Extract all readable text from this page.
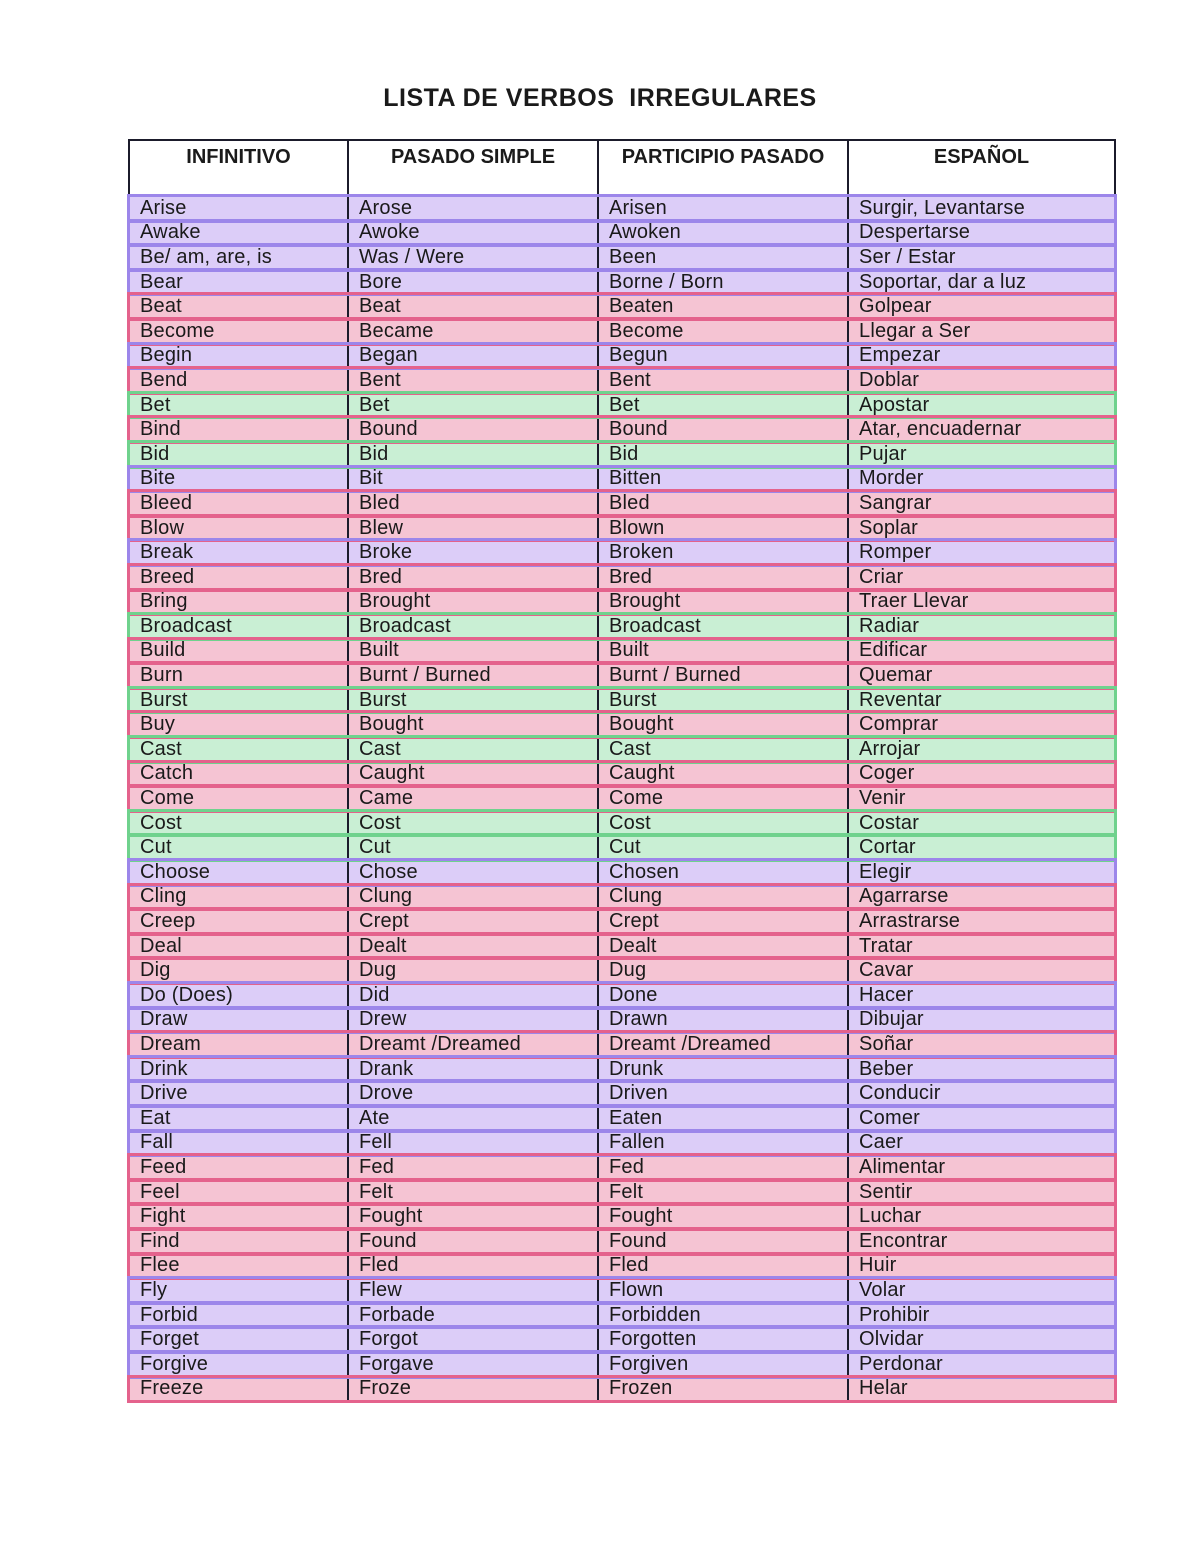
LISTA DE VERBOS  IRREGULARES
INFINITIVO	PASADO SIMPLE	PARTICIPIO PASADO	ESPAÑOL
Arise	Arose	Arisen	Surgir, Levantarse
Awake	Awoke	Awoken	Despertarse
Be/ am, are, is	Was / Were	Been	Ser / Estar
Bear	Bore	Borne / Born	Soportar, dar a luz
Beat	Beat	Beaten	Golpear
Become	Became	Become	Llegar a Ser
Begin	Began	Begun	Empezar
Bend	Bent	Bent	Doblar
Bet	Bet	Bet	Apostar
Bind	Bound	Bound	Atar, encuadernar
Bid	Bid	Bid	Pujar
Bite	Bit	Bitten	Morder
Bleed	Bled	Bled	Sangrar
Blow	Blew	Blown	Soplar
Break	Broke	Broken	Romper
Breed	Bred	Bred	Criar
Bring	Brought	Brought	Traer Llevar
Broadcast	Broadcast	Broadcast	Radiar
Build	Built	Built	Edificar
Burn	Burnt / Burned	Burnt / Burned	Quemar
Burst	Burst	Burst	Reventar
Buy	Bought	Bought	Comprar
Cast	Cast	Cast	Arrojar
Catch	Caught	Caught	Coger
Come	Came	Come	Venir
Cost	Cost	Cost	Costar
Cut	Cut	Cut	Cortar
Choose	Chose	Chosen	Elegir
Cling	Clung	Clung	Agarrarse
Creep	Crept	Crept	Arrastrarse
Deal	Dealt	Dealt	Tratar
Dig	Dug	Dug	Cavar
Do (Does)	Did	Done	Hacer
Draw	Drew	Drawn	Dibujar
Dream	Dreamt /Dreamed	Dreamt /Dreamed	Soñar
Drink	Drank	Drunk	Beber
Drive	Drove	Driven	Conducir
Eat	Ate	Eaten	Comer
Fall	Fell	Fallen	Caer
Feed	Fed	Fed	Alimentar
Feel	Felt	Felt	Sentir
Fight	Fought	Fought	Luchar
Find	Found	Found	Encontrar
Flee	Fled	Fled	Huir
Fly	Flew	Flown	Volar
Forbid	Forbade	Forbidden	Prohibir
Forget	Forgot	Forgotten	Olvidar
Forgive	Forgave	Forgiven	Perdonar
Freeze	Froze	Frozen	Helar
